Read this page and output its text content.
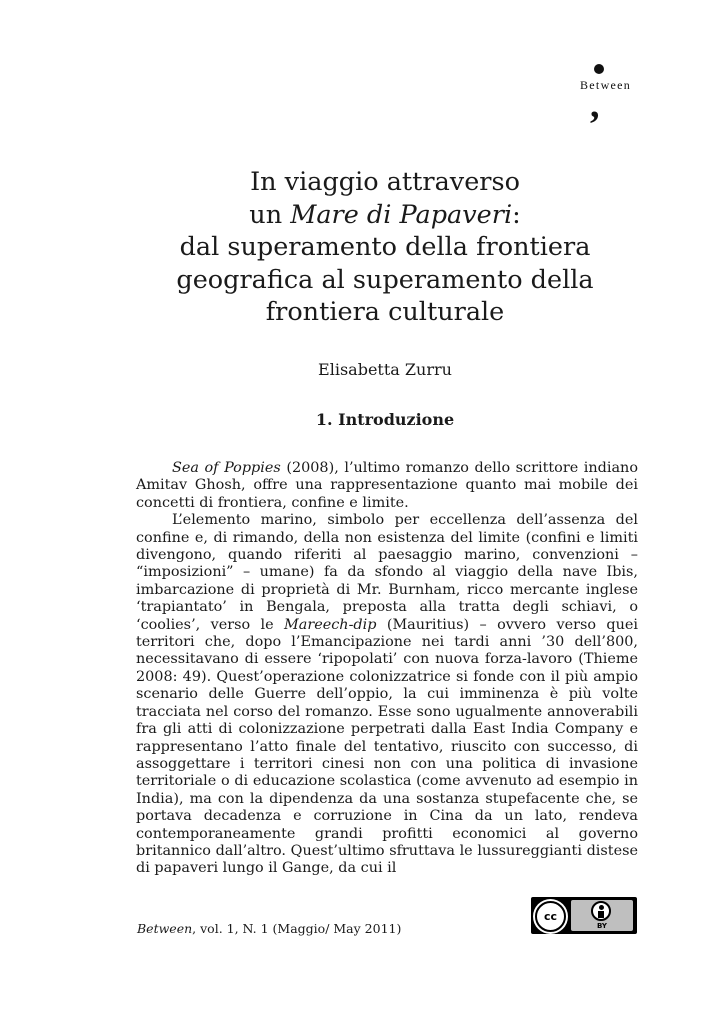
Between
,
In viaggio attraverso
un Mare di Papaveri:
dal superamento della frontiera
geografica al superamento della
frontiera culturale
Elisabetta Zurru
1. Introduzione

Sea of Poppies (2008), l’ultimo romanzo dello scrittore indiano Amitav Ghosh, offre una rappresentazione quanto mai mobile dei concetti di frontiera, confine e limite.

L’elemento marino, simbolo per eccellenza dell’assenza del confine e, di rimando, della non esistenza del limite (confini e limiti divengono, quando riferiti al paesaggio marino, convenzioni – “imposizioni” – umane) fa da sfondo al viaggio della nave Ibis, imbarcazione di proprietà di Mr. Burnham, ricco mercante inglese ‘trapiantato’ in Bengala, preposta alla tratta degli schiavi, o ‘coolies’, verso le Mareech-dip (Mauritius) – ovvero verso quei territori che, dopo l’Emancipazione nei tardi anni ’30 dell’800, necessitavano di essere ‘ripopolati’ con nuova forza-lavoro (Thieme 2008: 49). Quest’operazione colonizzatrice si fonde con il più ampio scenario delle Guerre dell’oppio, la cui imminenza è più volte tracciata nel corso del romanzo. Esse sono ugualmente annoverabili fra gli atti di colonizzazione perpetrati dalla East India Company e rappresentano l’atto finale del tentativo, riuscito con successo, di assoggettare i territori cinesi non con una politica di invasione territoriale o di educazione scolastica (come avvenuto ad esempio in India), ma con la dipendenza da una sostanza stupefacente che, se portava decadenza e corruzione in Cina da un lato, rendeva contemporaneamente grandi profitti economici al governo britannico dall’altro. Quest’ultimo sfruttava le lussureggianti distese di papaveri lungo il Gange, da cui il

Between, vol. 1, N. 1 (Maggio/ May 2011)
cc
BY
